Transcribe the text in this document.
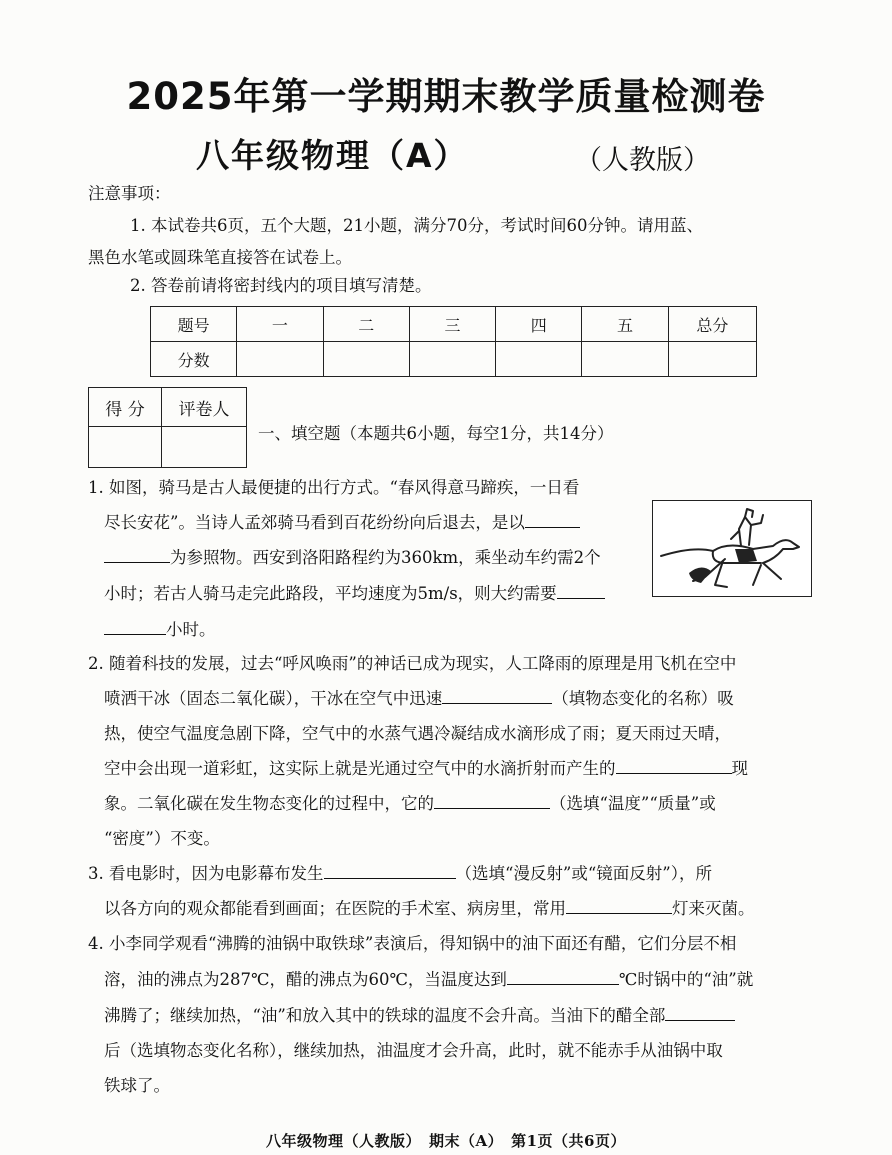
2025年第一学期期末教学质量检测卷
八年级物理（A）	（人教版）
注意事项：
1. 本试卷共6页，五个大题，21小题，满分70分，考试时间60分钟。请用蓝、
黑色水笔或圆珠笔直接答在试卷上。
2. 答卷前请将密封线内的项目填写清楚。
题号	一	二	三	四	五	总分
分数						
得 分	评卷人

一、填空题（本题共6小题，每空1分，共14分）
1. 如图，骑马是古人最便捷的出行方式。“春风得意马蹄疾，一日看
尽长安花”。当诗人孟郊骑马看到百花纷纷向后退去，是以
为参照物。西安到洛阳路程约为360km，乘坐动车约需2个
小时；若古人骑马走完此路段，平均速度为5m/s，则大约需要
小时。
2. 随着科技的发展，过去“呼风唤雨”的神话已成为现实，人工降雨的原理是用飞机在空中
喷洒干冰（固态二氧化碳），干冰在空气中迅速	（填物态变化的名称）吸
热，使空气温度急剧下降，空气中的水蒸气遇冷凝结成水滴形成了雨；夏天雨过天晴，
空中会出现一道彩虹，这实际上就是光通过空气中的水滴折射而产生的	现
象。二氧化碳在发生物态变化的过程中，它的	（选填“温度”“质量”或
“密度”）不变。
3. 看电影时，因为电影幕布发生	（选填“漫反射”或“镜面反射”），所
以各方向的观众都能看到画面；在医院的手术室、病房里，常用	灯来灭菌。
4. 小李同学观看“沸腾的油锅中取铁球”表演后，得知锅中的油下面还有醋，它们分层不相
溶，油的沸点为287℃，醋的沸点为60℃，当温度达到	℃时锅中的“油”就
沸腾了；继续加热，“油”和放入其中的铁球的温度不会升高。当油下的醋全部
后（选填物态变化名称），继续加热，油温度才会升高，此时，就不能赤手从油锅中取
铁球了。
八年级物理（人教版）　期末（A）　第1页（共6页）
